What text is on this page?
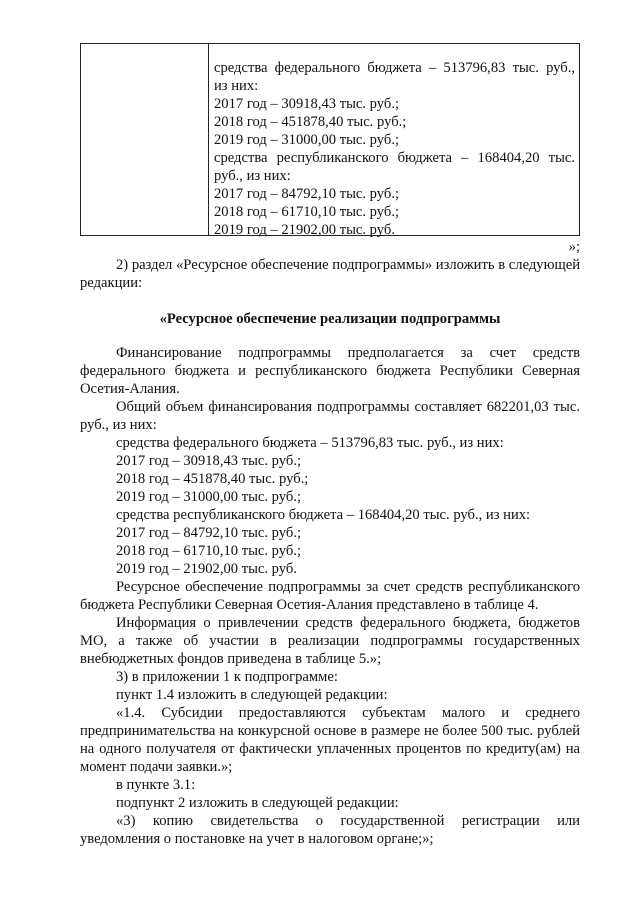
средства федерального бюджета – 513796,83 тыс. руб.,
из них:
2017 год – 30918,43 тыс. руб.;
2018 год – 451878,40 тыс. руб.;
2019 год – 31000,00 тыс. руб.;
средства республиканского бюджета – 168404,20 тыс.
руб., из них:
2017 год – 84792,10 тыс. руб.;
2018 год – 61710,10 тыс. руб.;
2019 год – 21902,00 тыс. руб.
»;
2) раздел «Ресурсное обеспечение подпрограммы» изложить в следующей редакции:
«Ресурсное обеспечение реализации подпрограммы
Финансирование подпрограммы предполагается за счет средств федерального бюджета и республиканского бюджета Республики Северная Осетия-Алания.
Общий объем финансирования подпрограммы составляет 682201,03 тыс. руб., из них:
средства федерального бюджета – 513796,83 тыс. руб., из них:
2017 год – 30918,43 тыс. руб.;
2018 год – 451878,40 тыс. руб.;
2019 год – 31000,00 тыс. руб.;
средства республиканского бюджета – 168404,20 тыс. руб., из них:
2017 год – 84792,10 тыс. руб.;
2018 год – 61710,10 тыс. руб.;
2019 год – 21902,00 тыс. руб.
Ресурсное обеспечение подпрограммы за счет средств республиканского бюджета Республики Северная Осетия-Алания представлено в таблице 4.
Информация о привлечении средств федерального бюджета, бюджетов МО, а также об участии в реализации подпрограммы государственных внебюджетных фондов приведена в таблице 5.»;
3) в приложении 1 к подпрограмме:
пункт 1.4 изложить в следующей редакции:
«1.4. Субсидии предоставляются субъектам малого и среднего предпринимательства на конкурсной основе в размере не более 500 тыс. рублей на одного получателя от фактически уплаченных процентов по кредиту(ам) на момент подачи заявки.»;
в пункте 3.1:
подпункт 2 изложить в следующей редакции:
«3) копию свидетельства о государственной регистрации или уведомления о постановке на учет в налоговом органе;»;
